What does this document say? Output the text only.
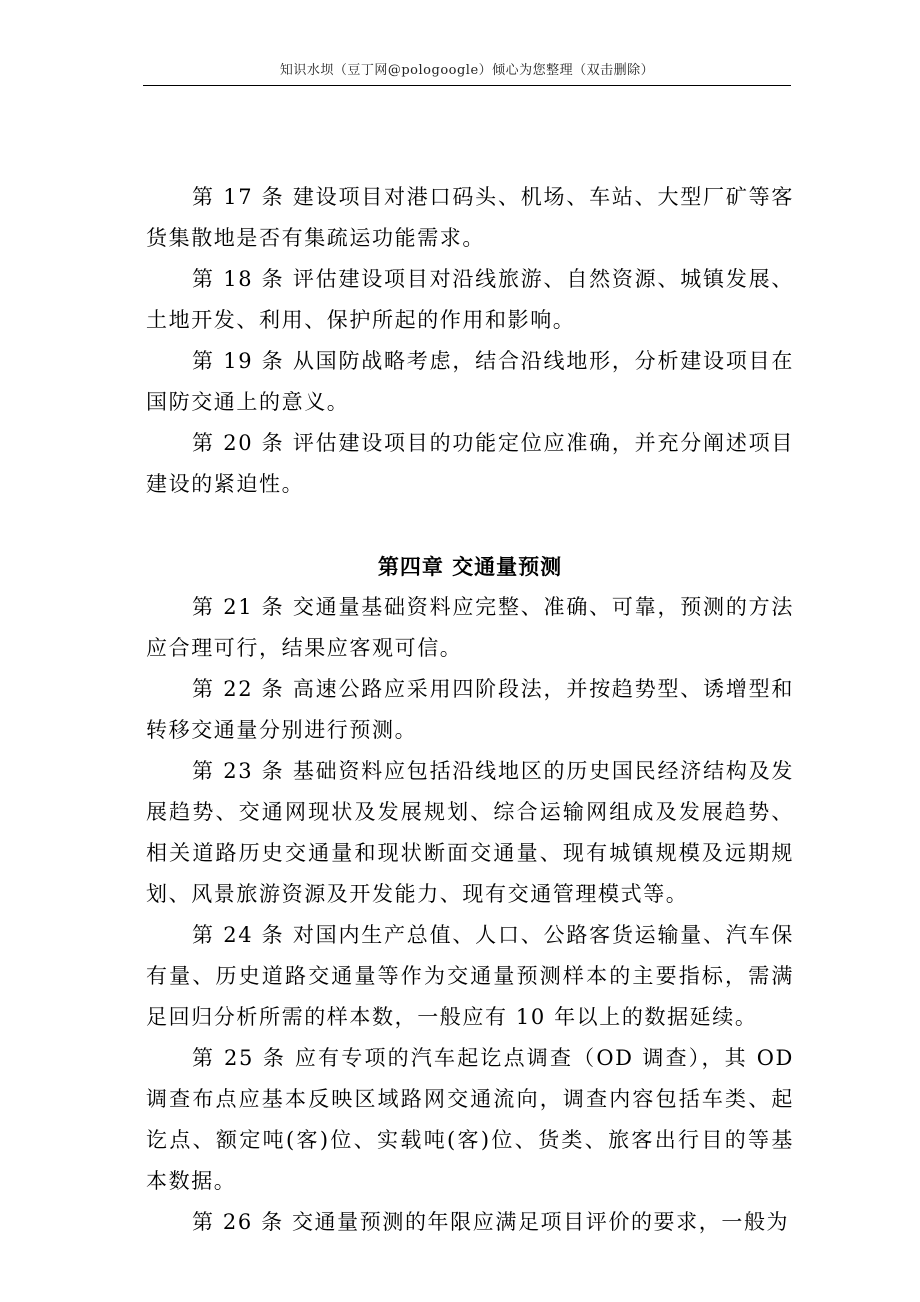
知识水坝（豆丁网@pologoogle）倾心为您整理（双击删除）

第 17 条 建设项目对港口码头、机场、车站、大型厂矿等客货集散地是否有集疏运功能需求。

第 18 条 评估建设项目对沿线旅游、自然资源、城镇发展、土地开发、利用、保护所起的作用和影响。

第 19 条 从国防战略考虑，结合沿线地形，分析建设项目在国防交通上的意义。

第 20 条 评估建设项目的功能定位应准确，并充分阐述项目建设的紧迫性。

第四章 交通量预测

第 21 条 交通量基础资料应完整、准确、可靠，预测的方法应合理可行，结果应客观可信。

第 22 条 高速公路应采用四阶段法，并按趋势型、诱增型和转移交通量分别进行预测。

第 23 条 基础资料应包括沿线地区的历史国民经济结构及发展趋势、交通网现状及发展规划、综合运输网组成及发展趋势、相关道路历史交通量和现状断面交通量、现有城镇规模及远期规划、风景旅游资源及开发能力、现有交通管理模式等。

第 24 条 对国内生产总值、人口、公路客货运输量、汽车保有量、历史道路交通量等作为交通量预测样本的主要指标，需满足回归分析所需的样本数，一般应有 10 年以上的数据延续。

第 25 条 应有专项的汽车起讫点调查（OD 调查），其 OD 调查布点应基本反映区域路网交通流向，调查内容包括车类、起讫点、额定吨(客)位、实载吨(客)位、货类、旅客出行目的等基本数据。

第 26 条 交通量预测的年限应满足项目评价的要求，一般为
